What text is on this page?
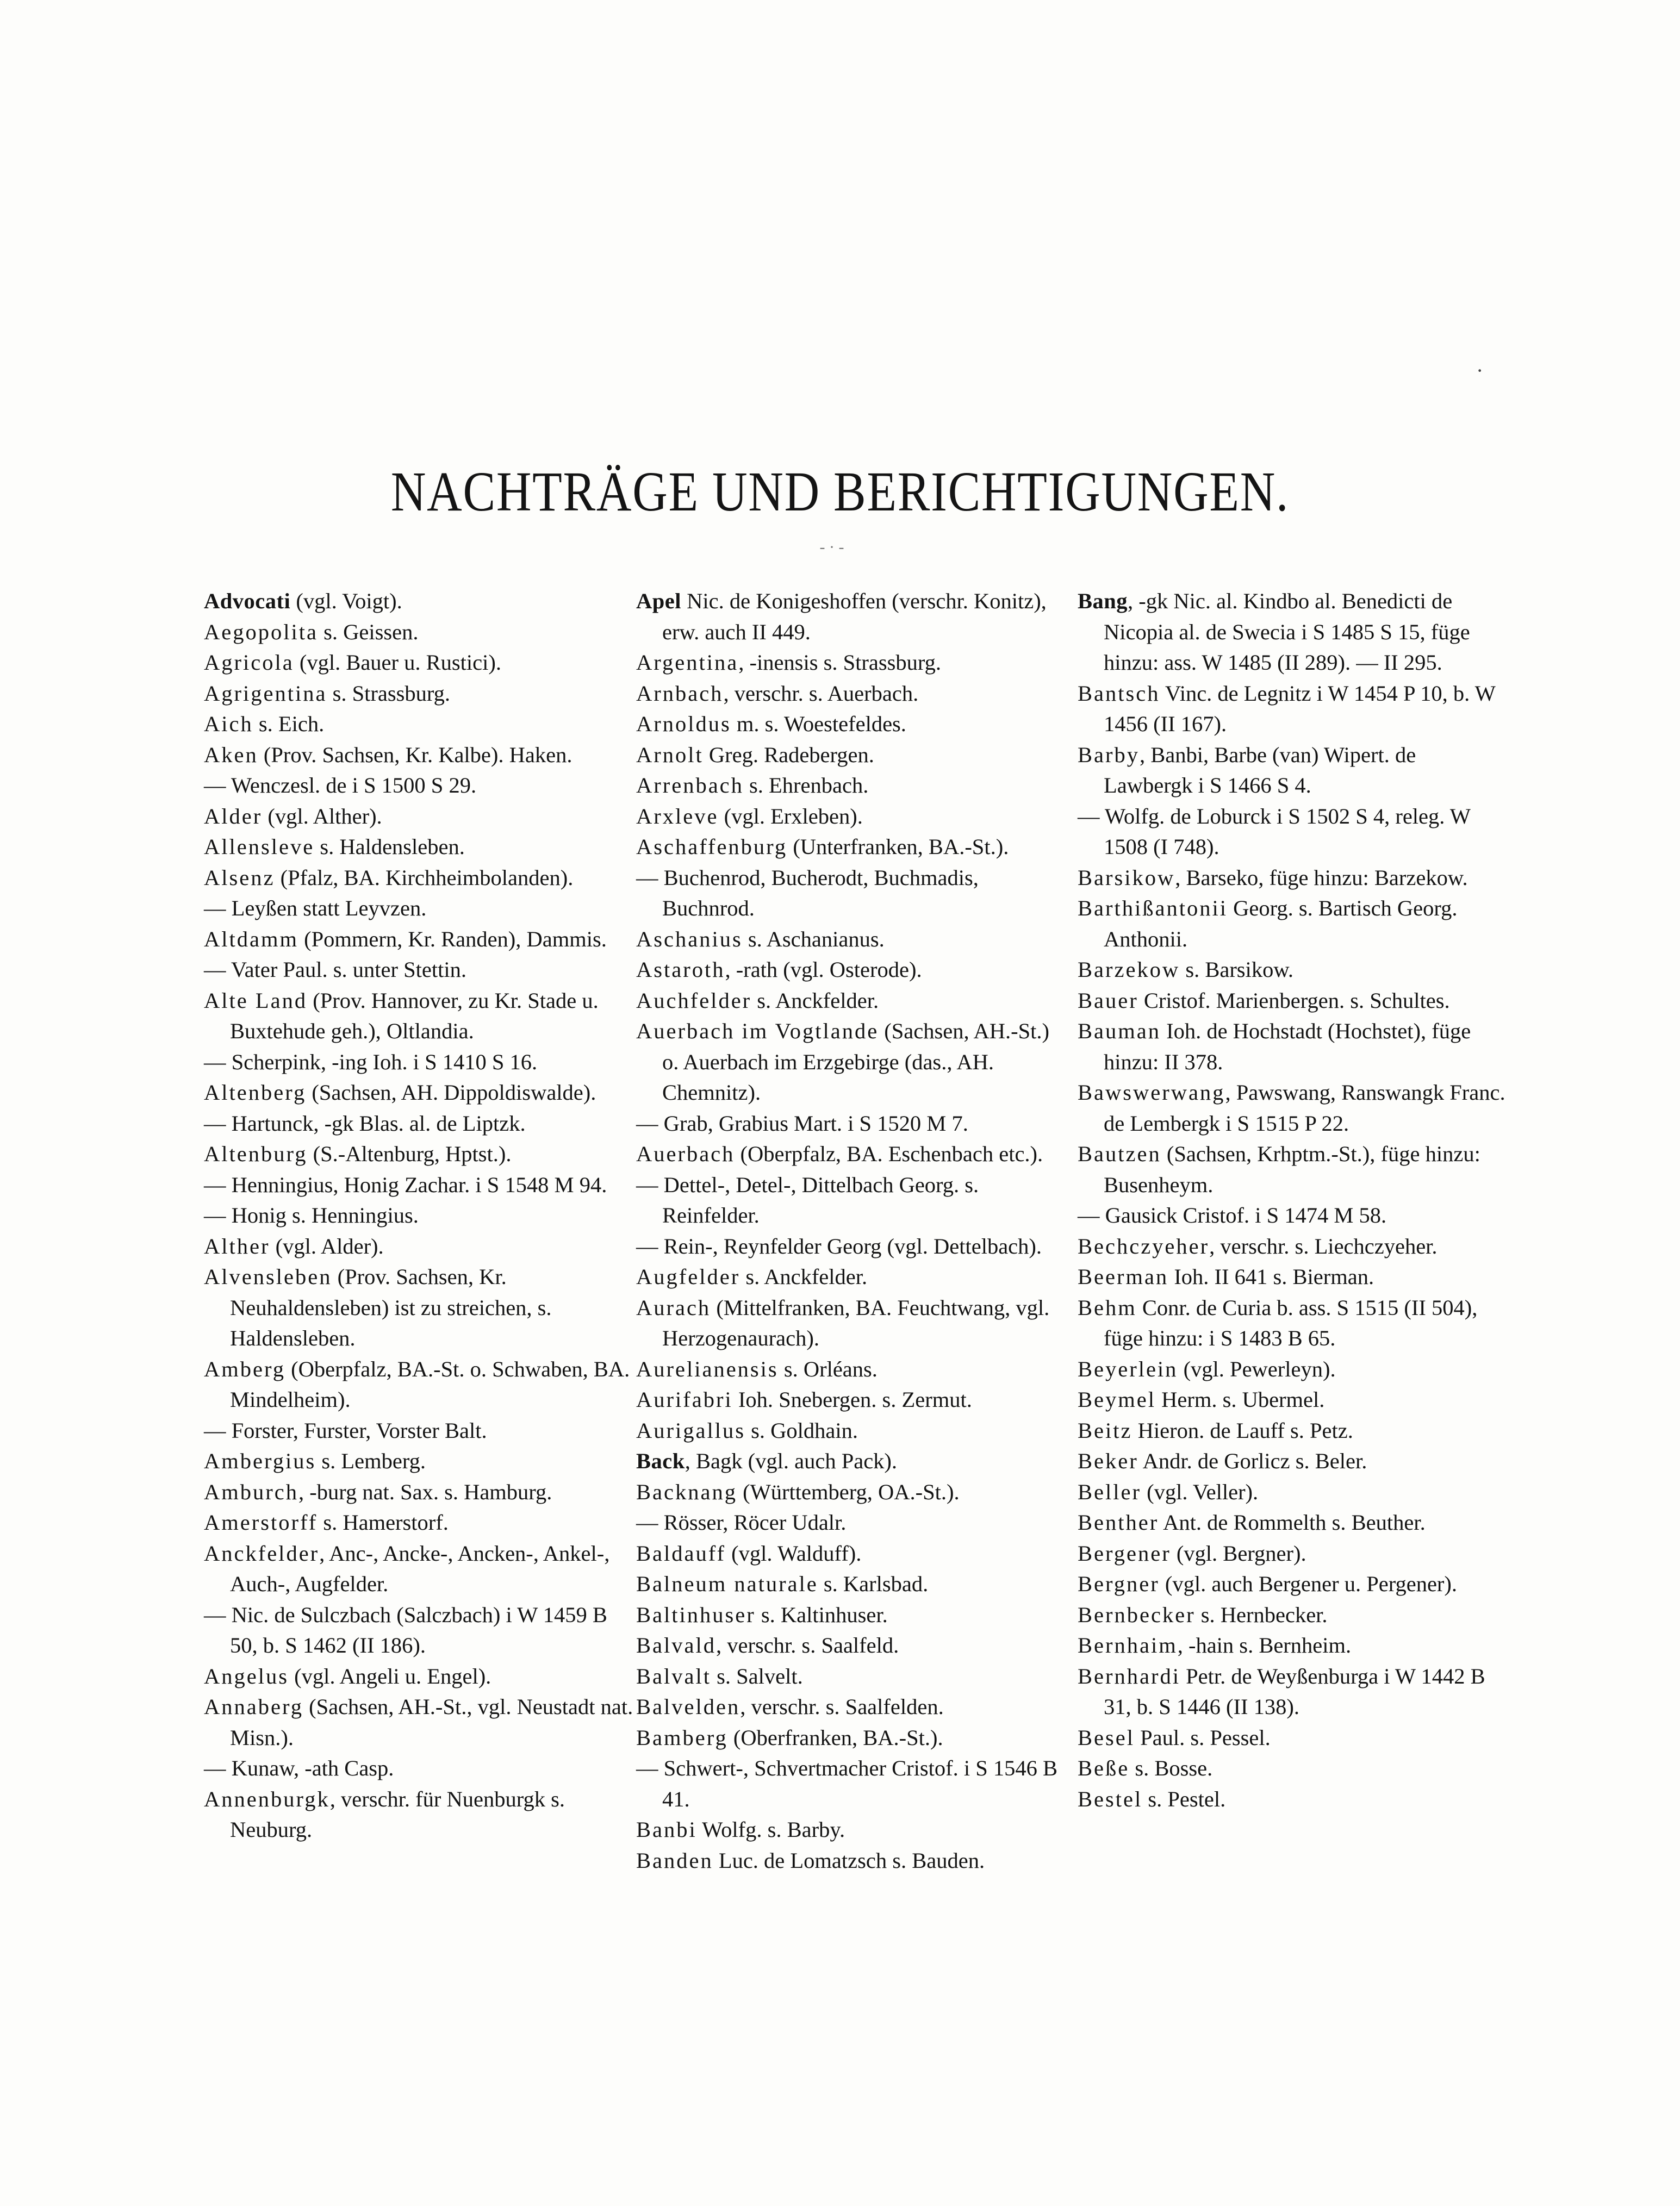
NACHTRÄGE UND BERICHTIGUNGEN.
- · -
·

Advocati (vgl. Voigt).

Aegopolita s. Geissen.

Agricola (vgl. Bauer u. Rustici).

Agrigentina s. Strassburg.

Aich s. Eich.

Aken (Prov. Sachsen, Kr. Kalbe). Haken.

— Wenczesl. de i S 1500 S 29.

Alder (vgl. Alther).

Allensleve s. Haldensleben.

Alsenz (Pfalz, BA. Kirchheimbolanden).

— Leyßen statt Leyvzen.

Altdamm (Pommern, Kr. Randen), Dammis.

— Vater Paul. s. unter Stettin.

Alte Land (Prov. Hannover, zu Kr. Stade u. Buxtehude geh.), Oltlandia.

— Scherpink, -ing Ioh. i S 1410 S 16.

Altenberg (Sachsen, AH. Dippoldiswalde).

— Hartunck, -gk Blas. al. de Liptzk.

Altenburg (S.-Altenburg, Hptst.).

— Henningius, Honig Zachar. i S 1548 M 94.

— Honig s. Henningius.

Alther (vgl. Alder).

Alvensleben (Prov. Sachsen, Kr. Neuhaldensleben) ist zu streichen, s. Haldensleben.

Amberg (Oberpfalz, BA.-St. o. Schwaben, BA. Mindelheim).

— Forster, Furster, Vorster Balt.

Ambergius s. Lemberg.

Amburch, -burg nat. Sax. s. Hamburg.

Amerstorff s. Hamerstorf.

Anckfelder, Anc-, Ancke-, Ancken-, Ankel-, Auch-, Augfelder.

— Nic. de Sulczbach (Salczbach) i W 1459 B 50, b. S 1462 (II 186).

Angelus (vgl. Angeli u. Engel).

Annaberg (Sachsen, AH.-St., vgl. Neustadt nat. Misn.).

— Kunaw, -ath Casp.

Annenburgk, verschr. für Nuenburgk s. Neuburg.

Apel Nic. de Konigeshoffen (verschr. Konitz), erw. auch II 449.

Argentina, -inensis s. Strassburg.

Arnbach, verschr. s. Auerbach.

Arnoldus m. s. Woestefeldes.

Arnolt Greg. Radebergen.

Arrenbach s. Ehrenbach.

Arxleve (vgl. Erxleben).

Aschaffenburg (Unterfranken, BA.-St.).

— Buchenrod, Bucherodt, Buchmadis, Buchnrod.

Aschanius s. Aschanianus.

Astaroth, -rath (vgl. Osterode).

Auchfelder s. Anckfelder.

Auerbach im Vogtlande (Sachsen, AH.-St.) o. Auerbach im Erzgebirge (das., AH. Chemnitz).

— Grab, Grabius Mart. i S 1520 M 7.

Auerbach (Oberpfalz, BA. Eschenbach etc.).

— Dettel-, Detel-, Dittelbach Georg. s. Reinfelder.

— Rein-, Reynfelder Georg (vgl. Dettelbach).

Augfelder s. Anckfelder.

Aurach (Mittelfranken, BA. Feuchtwang, vgl. Herzogenaurach).

Aurelianensis s. Orléans.

Aurifabri Ioh. Snebergen. s. Zermut.

Aurigallus s. Goldhain.

Back, Bagk (vgl. auch Pack).

Backnang (Württemberg, OA.-St.).

— Rösser, Röcer Udalr.

Baldauff (vgl. Walduff).

Balneum naturale s. Karlsbad.

Baltinhuser s. Kaltinhuser.

Balvald, verschr. s. Saalfeld.

Balvalt s. Salvelt.

Balvelden, verschr. s. Saalfelden.

Bamberg (Oberfranken, BA.-St.).

— Schwert-, Schvertmacher Cristof. i S 1546 B 41.

Banbi Wolfg. s. Barby.

Banden Luc. de Lomatzsch s. Bauden.

Bang, -gk Nic. al. Kindbo al. Benedicti de Nicopia al. de Swecia i S 1485 S 15, füge hinzu: ass. W 1485 (II 289). — II 295.

Bantsch Vinc. de Legnitz i W 1454 P 10, b. W 1456 (II 167).

Barby, Banbi, Barbe (van) Wipert. de Lawbergk i S 1466 S 4.

— Wolfg. de Loburck i S 1502 S 4, releg. W 1508 (I 748).

Barsikow, Barseko, füge hinzu: Barzekow.

Barthißantonii Georg. s. Bartisch Georg. Anthonii.

Barzekow s. Barsikow.

Bauer Cristof. Marienbergen. s. Schultes.

Bauman Ioh. de Hochstadt (Hochstet), füge hinzu: II 378.

Bawswerwang, Pawswang, Ranswangk Franc. de Lembergk i S 1515 P 22.

Bautzen (Sachsen, Krhptm.-St.), füge hinzu: Busenheym.

— Gausick Cristof. i S 1474 M 58.

Bechczyeher, verschr. s. Liechczyeher.

Beerman Ioh. II 641 s. Bierman.

Behm Conr. de Curia b. ass. S 1515 (II 504), füge hinzu: i S 1483 B 65.

Beyerlein (vgl. Pewerleyn).

Beymel Herm. s. Ubermel.

Beitz Hieron. de Lauff s. Petz.

Beker Andr. de Gorlicz s. Beler.

Beller (vgl. Veller).

Benther Ant. de Rommelth s. Beuther.

Bergener (vgl. Bergner).

Bergner (vgl. auch Bergener u. Pergener).

Bernbecker s. Hernbecker.

Bernhaim, -hain s. Bernheim.

Bernhardi Petr. de Weyßenburga i W 1442 B 31, b. S 1446 (II 138).

Besel Paul. s. Pessel.

Beße s. Bosse.

Bestel s. Pestel.
